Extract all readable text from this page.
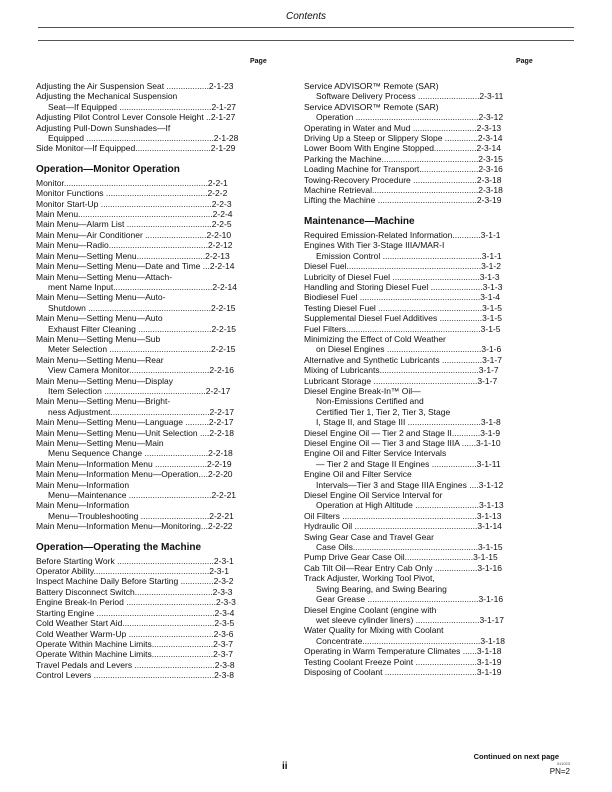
Contents
Page	Page
Adjusting the Air Suspension Seat ..................2-1-23
Adjusting the Mechanical Suspension
Seat—If Equipped .......................................2-1-27
Adjusting Pilot Control Lever Console Height ..2-1-27
Adjusting Pull-Down Sunshades—If
Equipped ......................................................2-1-28
Side Monitor—If Equipped................................2-1-29
Operation—Monitor Operation
Monitor.............................................................2-2-1
Monitor Functions ...........................................2-2-2
Monitor Start-Up ...............................................2-2-3
Main Menu.........................................................2-2-4
Main Menu—Alarm List ....................................2-2-5
Main Menu—Air Conditioner ..........................2-2-10
Main Menu—Radio..........................................2-2-12
Main Menu—Setting Menu.............................2-2-13
Main Menu—Setting Menu—Date and Time ...2-2-14
Main Menu—Setting Menu—Attach-
ment Name Input..........................................2-2-14
Main Menu—Setting Menu—Auto-
Shutdown ....................................................2-2-15
Main Menu—Setting Menu—Auto
Exhaust Filter Cleaning ...............................2-2-15
Main Menu—Setting Menu—Sub
Meter Selection ...........................................2-2-15
Main Menu—Setting Menu—Rear
View Camera Monitor..................................2-2-16
Main Menu—Setting Menu—Display
Item Selection ...........................................2-2-17
Main Menu—Setting Menu—Bright-
ness Adjustment..........................................2-2-17
Main Menu—Setting Menu—Language ..........2-2-17
Main Menu—Setting Menu—Unit Selection ....2-2-18
Main Menu—Setting Menu—Main
Menu Sequence Change ...........................2-2-18
Main Menu—Information Menu ......................2-2-19
Main Menu—Information Menu—Operation....2-2-20
Main Menu—Information
Menu—Maintenance ...................................2-2-21
Main Menu—Information
Menu—Troubleshooting .............................2-2-21
Main Menu—Information Menu—Monitoring...2-2-22
Operation—Operating the Machine
Before Starting Work .........................................2-3-1
Operator Ability.................................................2-3-1
Inspect Machine Daily Before Starting ..............2-3-2
Battery Disconnect Switch.................................2-3-3
Engine Break-In Period ......................................2-3-3
Starting Engine ..................................................2-3-4
Cold Weather Start Aid.......................................2-3-5
Cold Weather Warm-Up ....................................2-3-6
Operate Within Machine Limits..........................2-3-7
Operate Within Machine Limits..........................2-3-7
Travel Pedals and Levers ..................................2-3-8
Control Levers ...................................................2-3-8
Service ADVISOR™ Remote (SAR)
Software Delivery Process ..........................2-3-11
Service ADVISOR™ Remote (SAR)
Operation ....................................................2-3-12
Operating in Water and Mud ...........................2-3-13
Driving Up a Steep or Slippery Slope ..............2-3-14
Lower Boom With Engine Stopped..................2-3-14
Parking the Machine.........................................2-3-15
Loading Machine for Transport.........................2-3-16
Towing-Recovery Procedure ...........................2-3-18
Machine Retrieval.............................................2-3-18
Lifting the Machine ..........................................2-3-19
Maintenance—Machine
Required Emission-Related Information............3-1-1
Engines With Tier 3-Stage IIIA/MAR-I
Emission Control ..........................................3-1-1
Diesel Fuel.........................................................3-1-2
Lubricity of Diesel Fuel .....................................3-1-3
Handling and Storing Diesel Fuel ......................3-1-3
Biodiesel Fuel ...................................................3-1-4
Testing Diesel Fuel ............................................3-1-5
Supplemental Diesel Fuel Additives ..................3-1-5
Fuel Filters.........................................................3-1-5
Minimizing the Effect of Cold Weather
on Diesel Engines ........................................3-1-6
Alternative and Synthetic Lubricants .................3-1-7
Mixing of Lubricants..........................................3-1-7
Lubricant Storage ............................................3-1-7
Diesel Engine Break-In™ Oil—
Non-Emissions Certified and
Certified Tier 1, Tier 2, Tier 3, Stage
I, Stage II, and Stage III ...............................3-1-8
Diesel Engine Oil — Tier 2 and Stage II............3-1-9
Diesel Engine Oil — Tier 3 and Stage IIIA ......3-1-10
Engine Oil and Filter Service Intervals
— Tier 2 and Stage II Engines ...................3-1-11
Engine Oil and Filter Service
Intervals—Tier 3 and Stage IIIA Engines ....3-1-12
Diesel Engine Oil Service Interval for
Operation at High Altitude ...........................3-1-13
Oil Filters .........................................................3-1-13
Hydraulic Oil ....................................................3-1-14
Swing Gear Case and Travel Gear
Case Oils.....................................................3-1-15
Pump Drive Gear Case Oil.............................3-1-15
Cab Tilt Oil—Rear Entry Cab Only ..................3-1-16
Track Adjuster, Working Tool Pivot,
Swing Bearing, and Swing Bearing
Gear Grease ...............................................3-1-16
Diesel Engine Coolant (engine with
wet sleeve cylinder liners) ...........................3-1-17
Water Quality for Mixing with Coolant
Concentrate..................................................3-1-18
Operating in Warm Temperature Climates ......3-1-18
Testing Coolant Freeze Point ..........................3-1-19
Disposing of Coolant .......................................3-1-19
Continued on next page
ii	011023
PN=2
